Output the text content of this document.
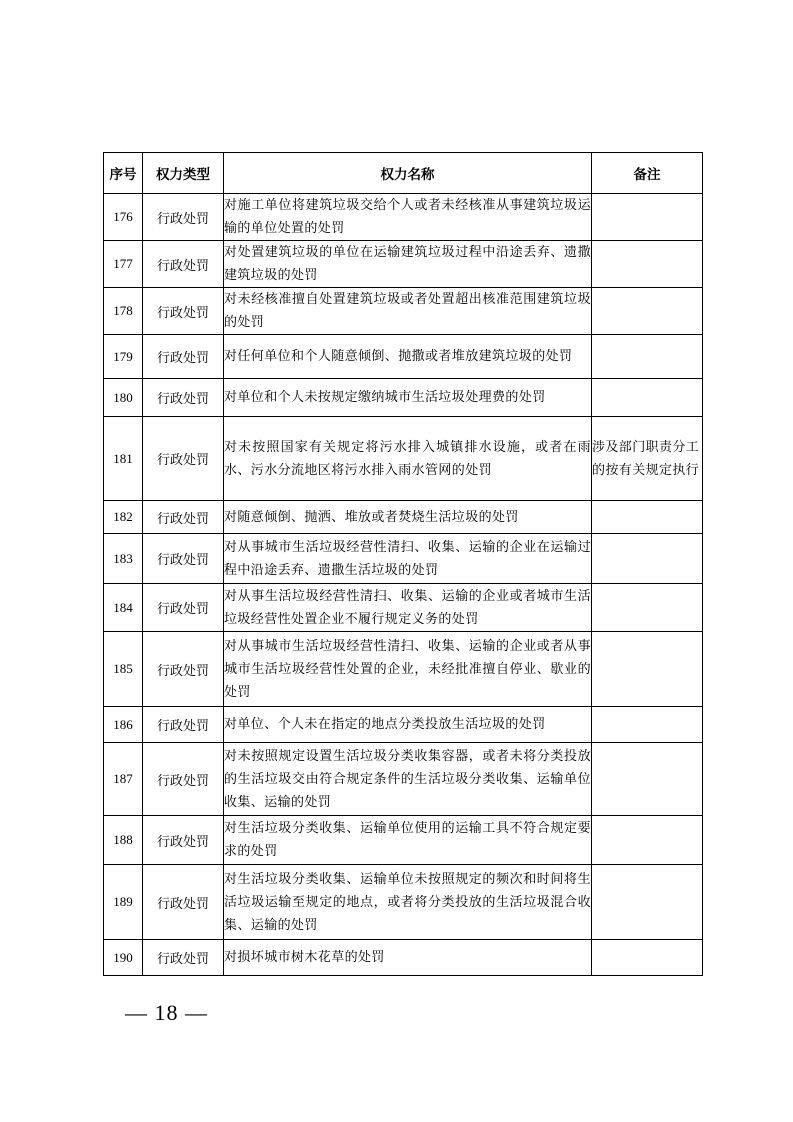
序号	权力类型	权力名称	备注
176	行政处罚	对施工单位将建筑垃圾交给个人或者未经核准从事建筑垃圾运输的单位处置的处罚	
177	行政处罚	对处置建筑垃圾的单位在运输建筑垃圾过程中沿途丢弃、遗撒建筑垃圾的处罚	
178	行政处罚	对未经核准擅自处置建筑垃圾或者处置超出核准范围建筑垃圾的处罚	
179	行政处罚	对任何单位和个人随意倾倒、抛撒或者堆放建筑垃圾的处罚	
180	行政处罚	对单位和个人未按规定缴纳城市生活垃圾处理费的处罚	
181	行政处罚	对未按照国家有关规定将污水排入城镇排水设施，或者在雨水、污水分流地区将污水排入雨水管网的处罚	涉及部门职责分工的按有关规定执行
182	行政处罚	对随意倾倒、抛洒、堆放或者焚烧生活垃圾的处罚	
183	行政处罚	对从事城市生活垃圾经营性清扫、收集、运输的企业在运输过程中沿途丢弃、遗撒生活垃圾的处罚	
184	行政处罚	对从事生活垃圾经营性清扫、收集、运输的企业或者城市生活垃圾经营性处置企业不履行规定义务的处罚	
185	行政处罚	对从事城市生活垃圾经营性清扫、收集、运输的企业或者从事城市生活垃圾经营性处置的企业，未经批准擅自停业、歇业的处罚	
186	行政处罚	对单位、个人未在指定的地点分类投放生活垃圾的处罚	
187	行政处罚	对未按照规定设置生活垃圾分类收集容器，或者未将分类投放的生活垃圾交由符合规定条件的生活垃圾分类收集、运输单位收集、运输的处罚	
188	行政处罚	对生活垃圾分类收集、运输单位使用的运输工具不符合规定要求的处罚	
189	行政处罚	对生活垃圾分类收集、运输单位未按照规定的频次和时间将生活垃圾运输至规定的地点，或者将分类投放的生活垃圾混合收集、运输的处罚	
190	行政处罚	对损坏城市树木花草的处罚	
— 18 —
